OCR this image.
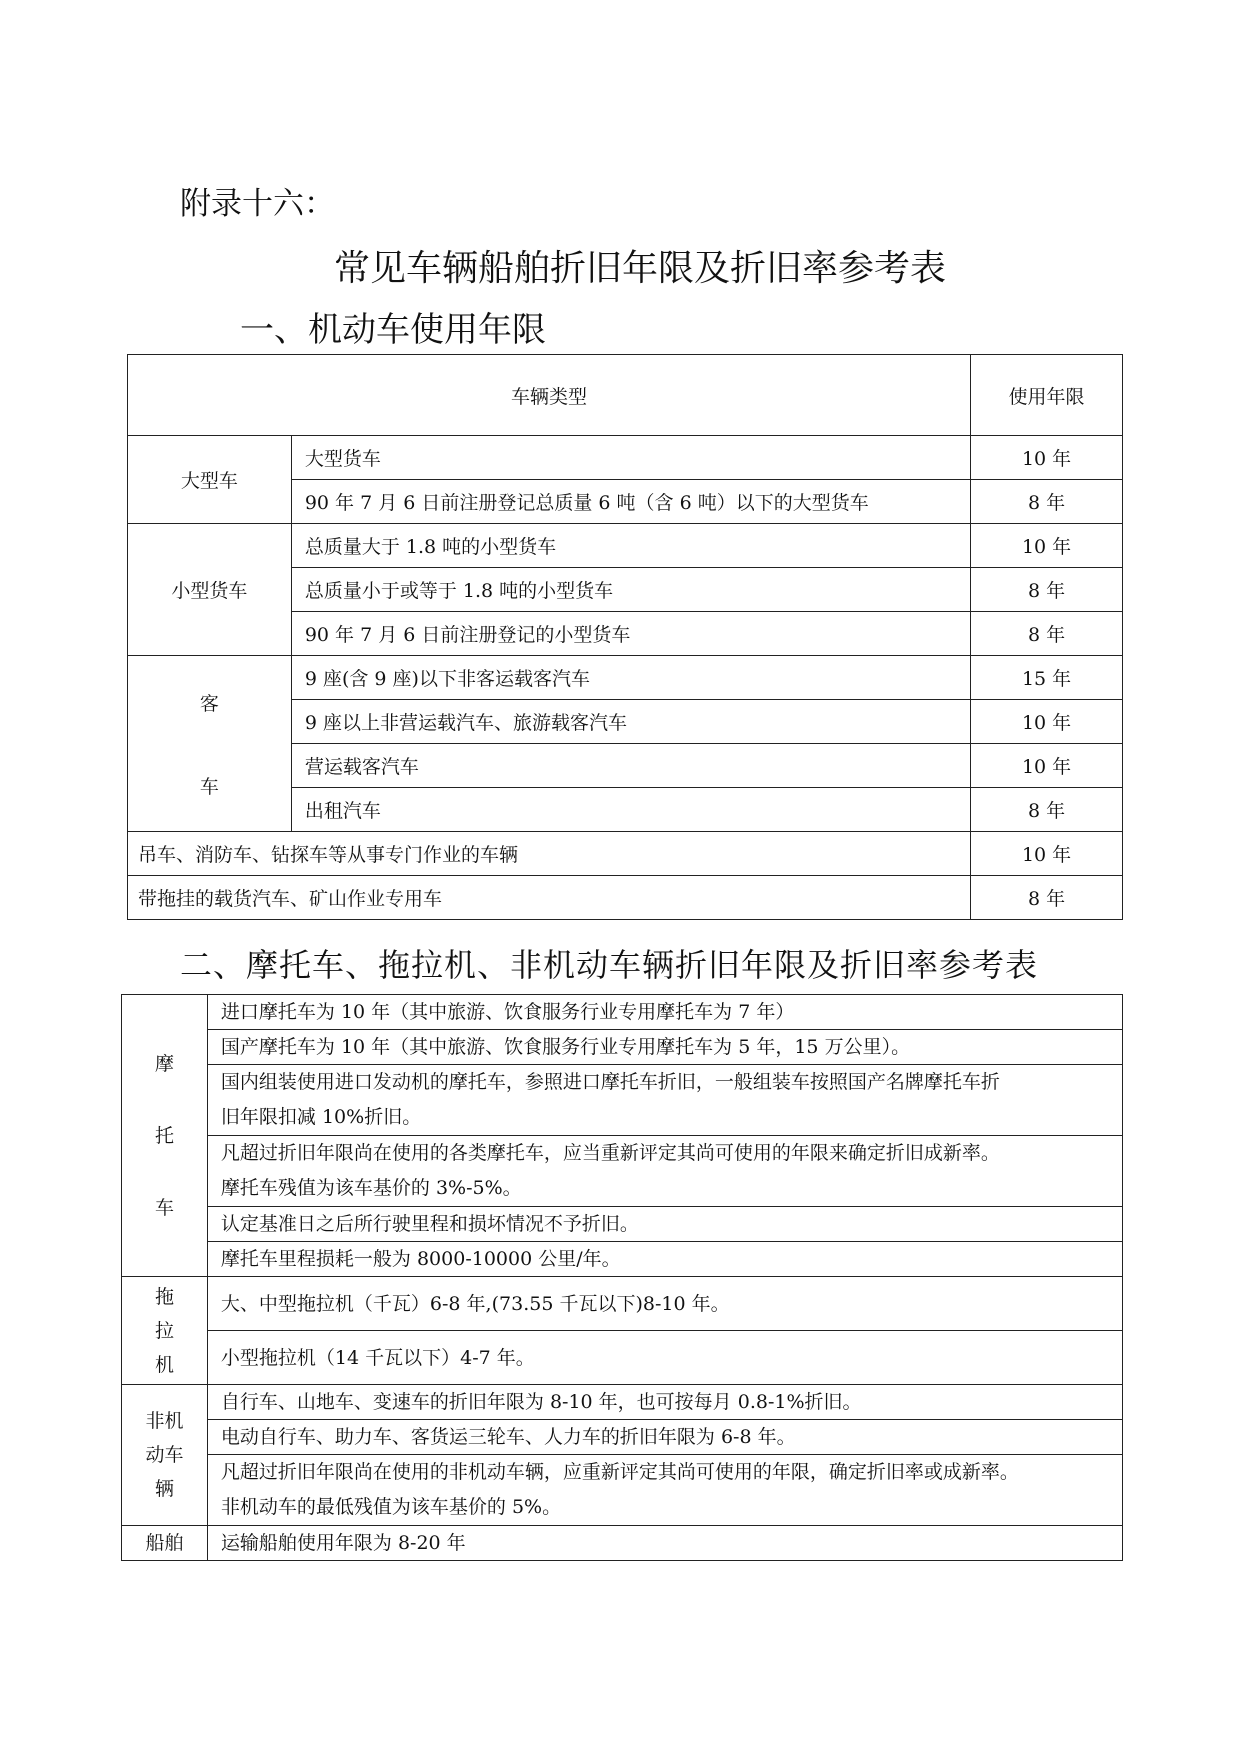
附录十六：
常见车辆船舶折旧年限及折旧率参考表
一、机动车使用年限
车辆类型		使用年限
大型车	大型货车	10 年
	90 年 7 月 6 日前注册登记总质量 6 吨（含 6 吨）以下的大型货车	8 年
小型货车	总质量大于 1.8 吨的小型货车	10 年
	总质量小于或等于 1.8 吨的小型货车	8 年
	90 年 7 月 6 日前注册登记的小型货车	8 年

客
车	9 座(含 9 座)以下非客运载客汽车	15 年
	9 座以上非营运载汽车、旅游载客汽车	10 年
	营运载客汽车	10 年
	出租汽车	8 年
吊车、消防车、钻探车等从事专门作业的车辆		10 年
带拖挂的载货汽车、矿山作业专用车		8 年
二、摩托车、拖拉机、非机动车辆折旧年限及折旧率参考表
摩
托
车	进口摩托车为 10 年（其中旅游、饮食服务行业专用摩托车为 7 年）
	国产摩托车为 10 年（其中旅游、饮食服务行业专用摩托车为 5 年，15 万公里）。

	国内组装使用进口发动机的摩托车，参照进口摩托车折旧，一般组装车按照国产名牌摩托车折
旧年限扣减 10%折旧。

	凡超过折旧年限尚在使用的各类摩托车，应当重新评定其尚可使用的年限来确定折旧成新率。
摩托车残值为该车基价的 3%-5%。

	认定基准日之后所行驶里程和损坏情况不予折旧。
	摩托车里程损耗一般为 8000-10000 公里/年。

拖
拉
机	大、中型拖拉机（千瓦）6-8 年,(73.55 千瓦以下)8-10 年。
	小型拖拉机（14 千瓦以下）4-7 年。

非机
动车
辆	自行车、山地车、变速车的折旧年限为 8-10 年，也可按每月 0.8-1%折旧。
	电动自行车、助力车、客货运三轮车、人力车的折旧年限为 6-8 年。

	凡超过折旧年限尚在使用的非机动车辆，应重新评定其尚可使用的年限，确定折旧率或成新率。
非机动车的最低残值为该车基价的 5%。

船舶	运输船舶使用年限为 8-20 年
